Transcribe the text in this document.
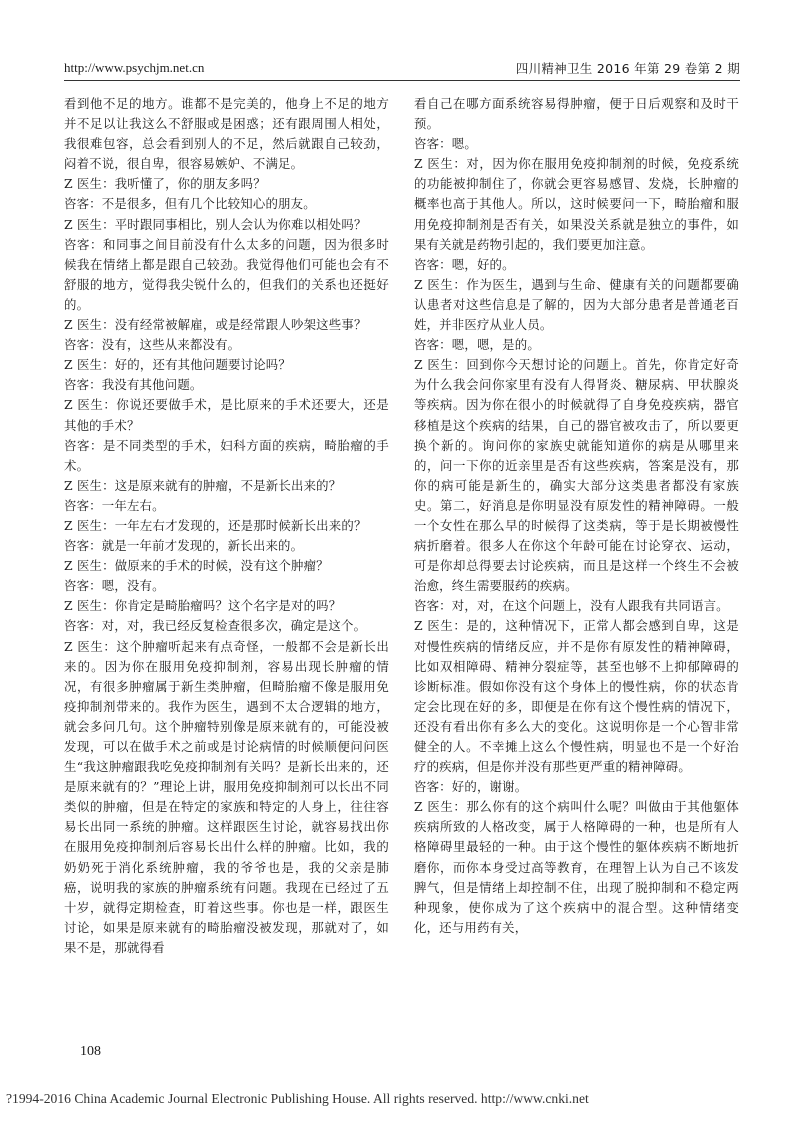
http://www.psychjm.net.cn	四川精神卫生 2016 年第 29 卷第 2 期

看到他不足的地方。谁都不是完美的，他身上不足的地方并不足以让我这么不舒服或是困惑；还有跟周围人相处，我很难包容，总会看到别人的不足，然后就跟自己较劲，闷着不说，很自卑，很容易嫉妒、不满足。

Z 医生：我听懂了，你的朋友多吗？

咨客：不是很多，但有几个比较知心的朋友。

Z 医生：平时跟同事相比，别人会认为你难以相处吗？

咨客：和同事之间目前没有什么太多的问题，因为很多时候我在情绪上都是跟自己较劲。我觉得他们可能也会有不舒服的地方，觉得我尖锐什么的，但我们的关系也还挺好的。

Z 医生：没有经常被解雇，或是经常跟人吵架这些事？

咨客：没有，这些从来都没有。

Z 医生：好的，还有其他问题要讨论吗？

咨客：我没有其他问题。

Z 医生：你说还要做手术，是比原来的手术还要大，还是其他的手术？

咨客：是不同类型的手术，妇科方面的疾病，畸胎瘤的手术。

Z 医生：这是原来就有的肿瘤，不是新长出来的？

咨客：一年左右。

Z 医生：一年左右才发现的，还是那时候新长出来的？

咨客：就是一年前才发现的，新长出来的。

Z 医生：做原来的手术的时候，没有这个肿瘤？

咨客：嗯，没有。

Z 医生：你肯定是畸胎瘤吗？这个名字是对的吗？

咨客：对，对，我已经反复检查很多次，确定是这个。

Z 医生：这个肿瘤听起来有点奇怪，一般都不会是新长出来的。因为你在服用免疫抑制剂，容易出现长肿瘤的情况，有很多肿瘤属于新生类肿瘤，但畸胎瘤不像是服用免疫抑制剂带来的。我作为医生，遇到不太合逻辑的地方，就会多问几句。这个肿瘤特别像是原来就有的，可能没被发现，可以在做手术之前或是讨论病情的时候顺便问问医生“我这肿瘤跟我吃免疫抑制剂有关吗？是新长出来的，还是原来就有的？”理论上讲，服用免疫抑制剂可以长出不同类似的肿瘤，但是在特定的家族和特定的人身上，往往容易长出同一系统的肿瘤。这样跟医生讨论，就容易找出你在服用免疫抑制剂后容易长出什么样的肿瘤。比如，我的奶奶死于消化系统肿瘤，我的爷爷也是，我的父亲是肺癌，说明我的家族的肿瘤系统有问题。我现在已经过了五十岁，就得定期检查，盯着这些事。你也是一样，跟医生讨论，如果是原来就有的畸胎瘤没被发现，那就对了，如果不是，那就得看

看自己在哪方面系统容易得肿瘤，便于日后观察和及时干预。

咨客：嗯。

Z 医生：对，因为你在服用免疫抑制剂的时候，免疫系统的功能被抑制住了，你就会更容易感冒、发烧，长肿瘤的概率也高于其他人。所以，这时候要问一下，畸胎瘤和服用免疫抑制剂是否有关，如果没关系就是独立的事件，如果有关就是药物引起的，我们要更加注意。

咨客：嗯，好的。

Z 医生：作为医生，遇到与生命、健康有关的问题都要确认患者对这些信息是了解的，因为大部分患者是普通老百姓，并非医疗从业人员。

咨客：嗯，嗯，是的。

Z 医生：回到你今天想讨论的问题上。首先，你肯定好奇为什么我会问你家里有没有人得肾炎、糖尿病、甲状腺炎等疾病。因为你在很小的时候就得了自身免疫疾病，器官移植是这个疾病的结果，自己的器官被攻击了，所以要更换个新的。询问你的家族史就能知道你的病是从哪里来的，问一下你的近亲里是否有这些疾病，答案是没有，那你的病可能是新生的，确实大部分这类患者都没有家族史。第二，好消息是你明显没有原发性的精神障碍。一般一个女性在那么早的时候得了这类病，等于是长期被慢性病折磨着。很多人在你这个年龄可能在讨论穿衣、运动，可是你却总得要去讨论疾病，而且是这样一个终生不会被治愈，终生需要服药的疾病。

咨客：对，对，在这个问题上，没有人跟我有共同语言。

Z 医生：是的，这种情况下，正常人都会感到自卑，这是对慢性疾病的情绪反应，并不是你有原发性的精神障碍，比如双相障碍、精神分裂症等，甚至也够不上抑郁障碍的诊断标准。假如你没有这个身体上的慢性病，你的状态肯定会比现在好的多，即便是在你有这个慢性病的情况下，还没有看出你有多么大的变化。这说明你是一个心智非常健全的人。不幸摊上这么个慢性病，明显也不是一个好治疗的疾病，但是你并没有那些更严重的精神障碍。

咨客：好的，谢谢。

Z 医生：那么你有的这个病叫什么呢？叫做由于其他躯体疾病所致的人格改变，属于人格障碍的一种，也是所有人格障碍里最轻的一种。由于这个慢性的躯体疾病不断地折磨你，而你本身受过高等教育，在理智上认为自己不该发脾气，但是情绪上却控制不住，出现了脱抑制和不稳定两种现象，使你成为了这个疾病中的混合型。这种情绪变化，还与用药有关，

108
?1994-2016 China Academic Journal Electronic Publishing House. All rights reserved. http://www.cnki.net
